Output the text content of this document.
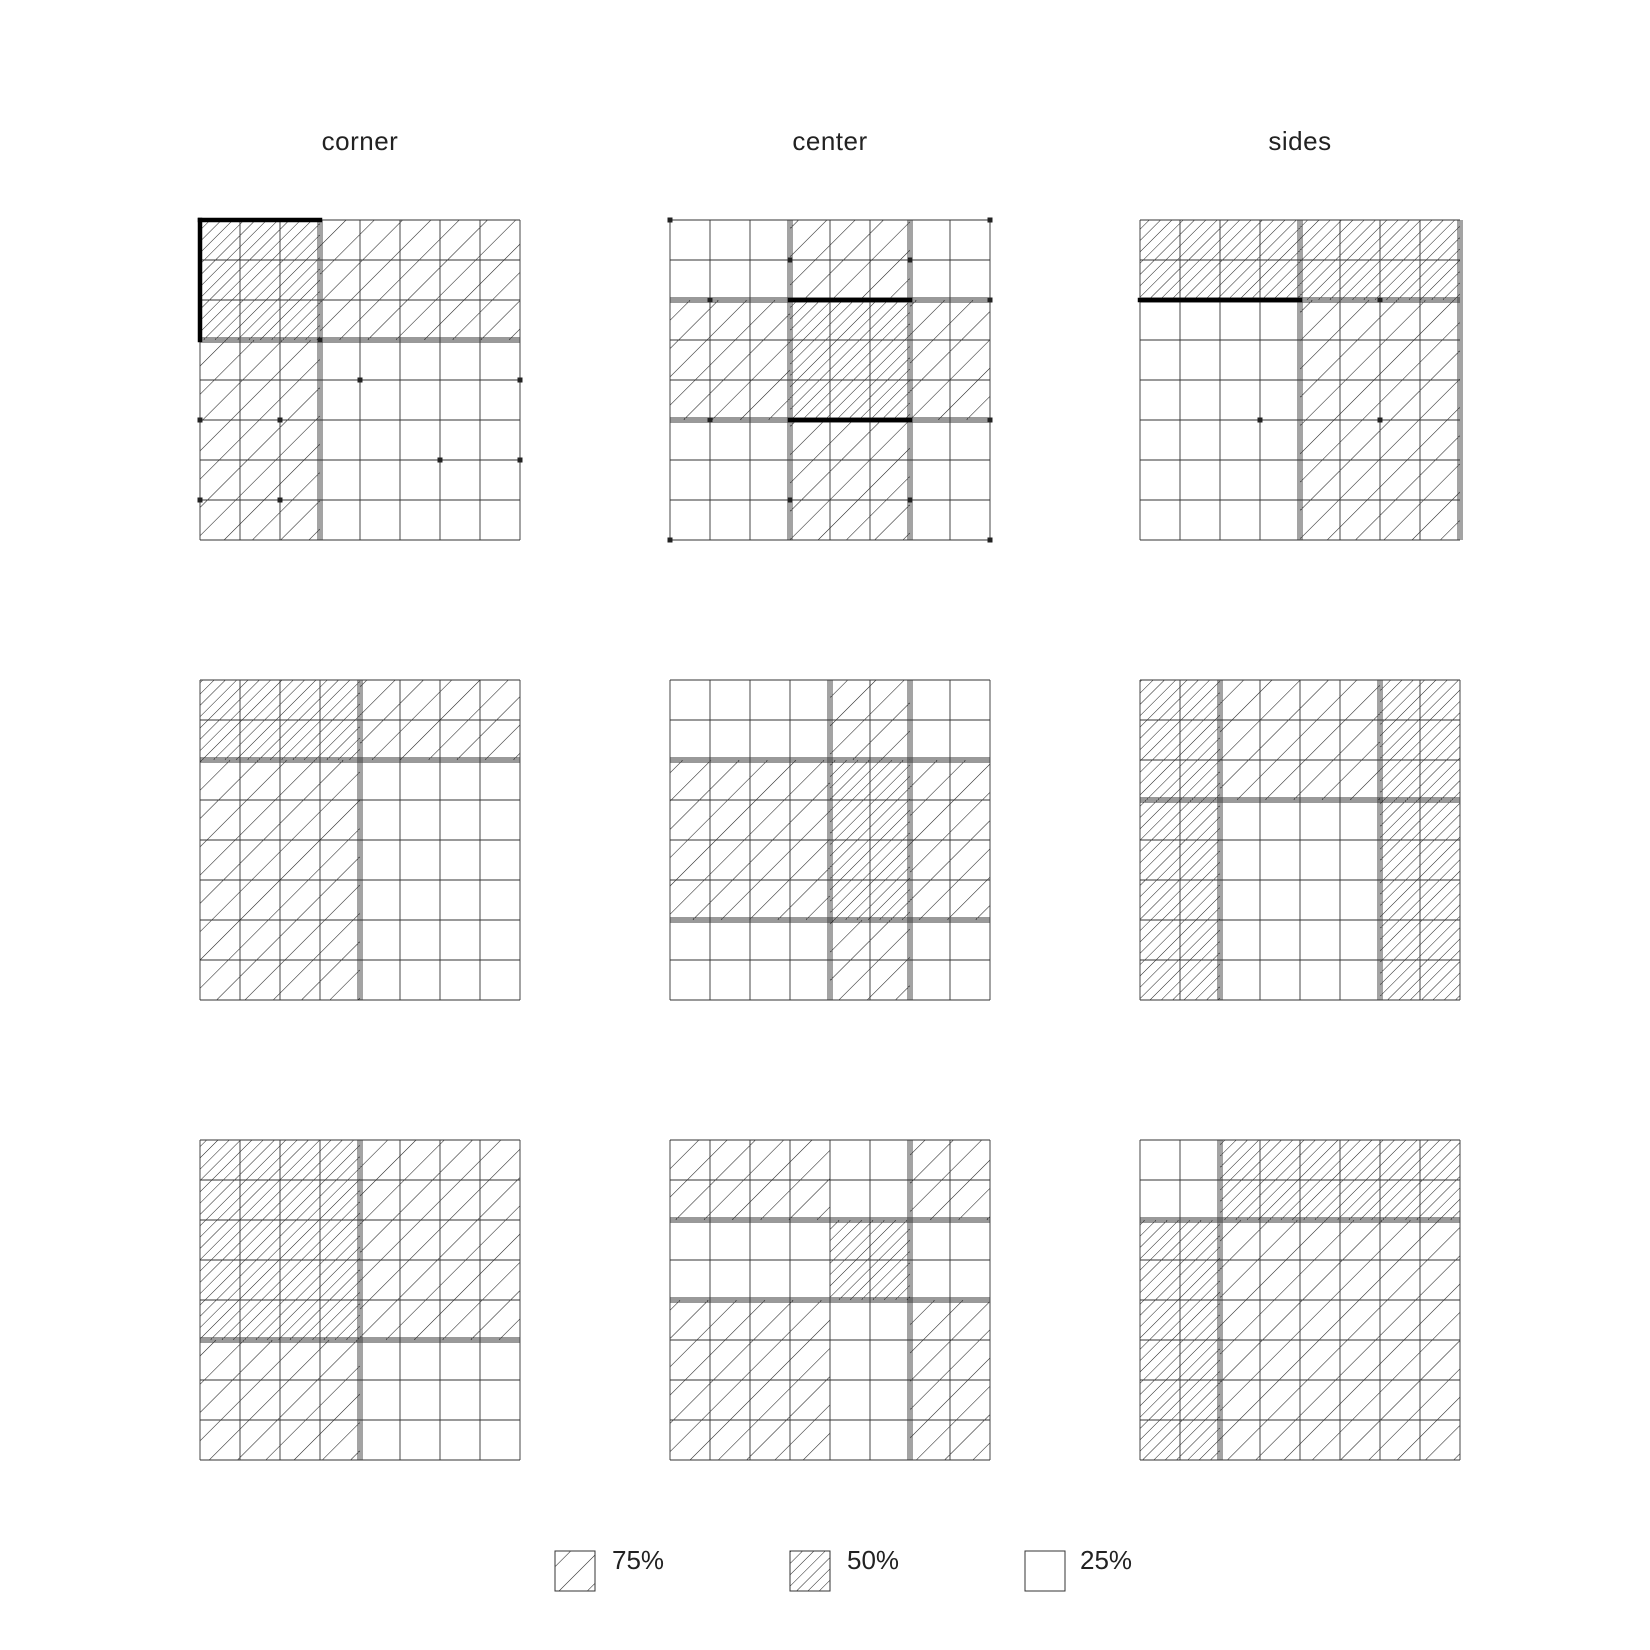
corner	center	sides
75%	50%	25%
